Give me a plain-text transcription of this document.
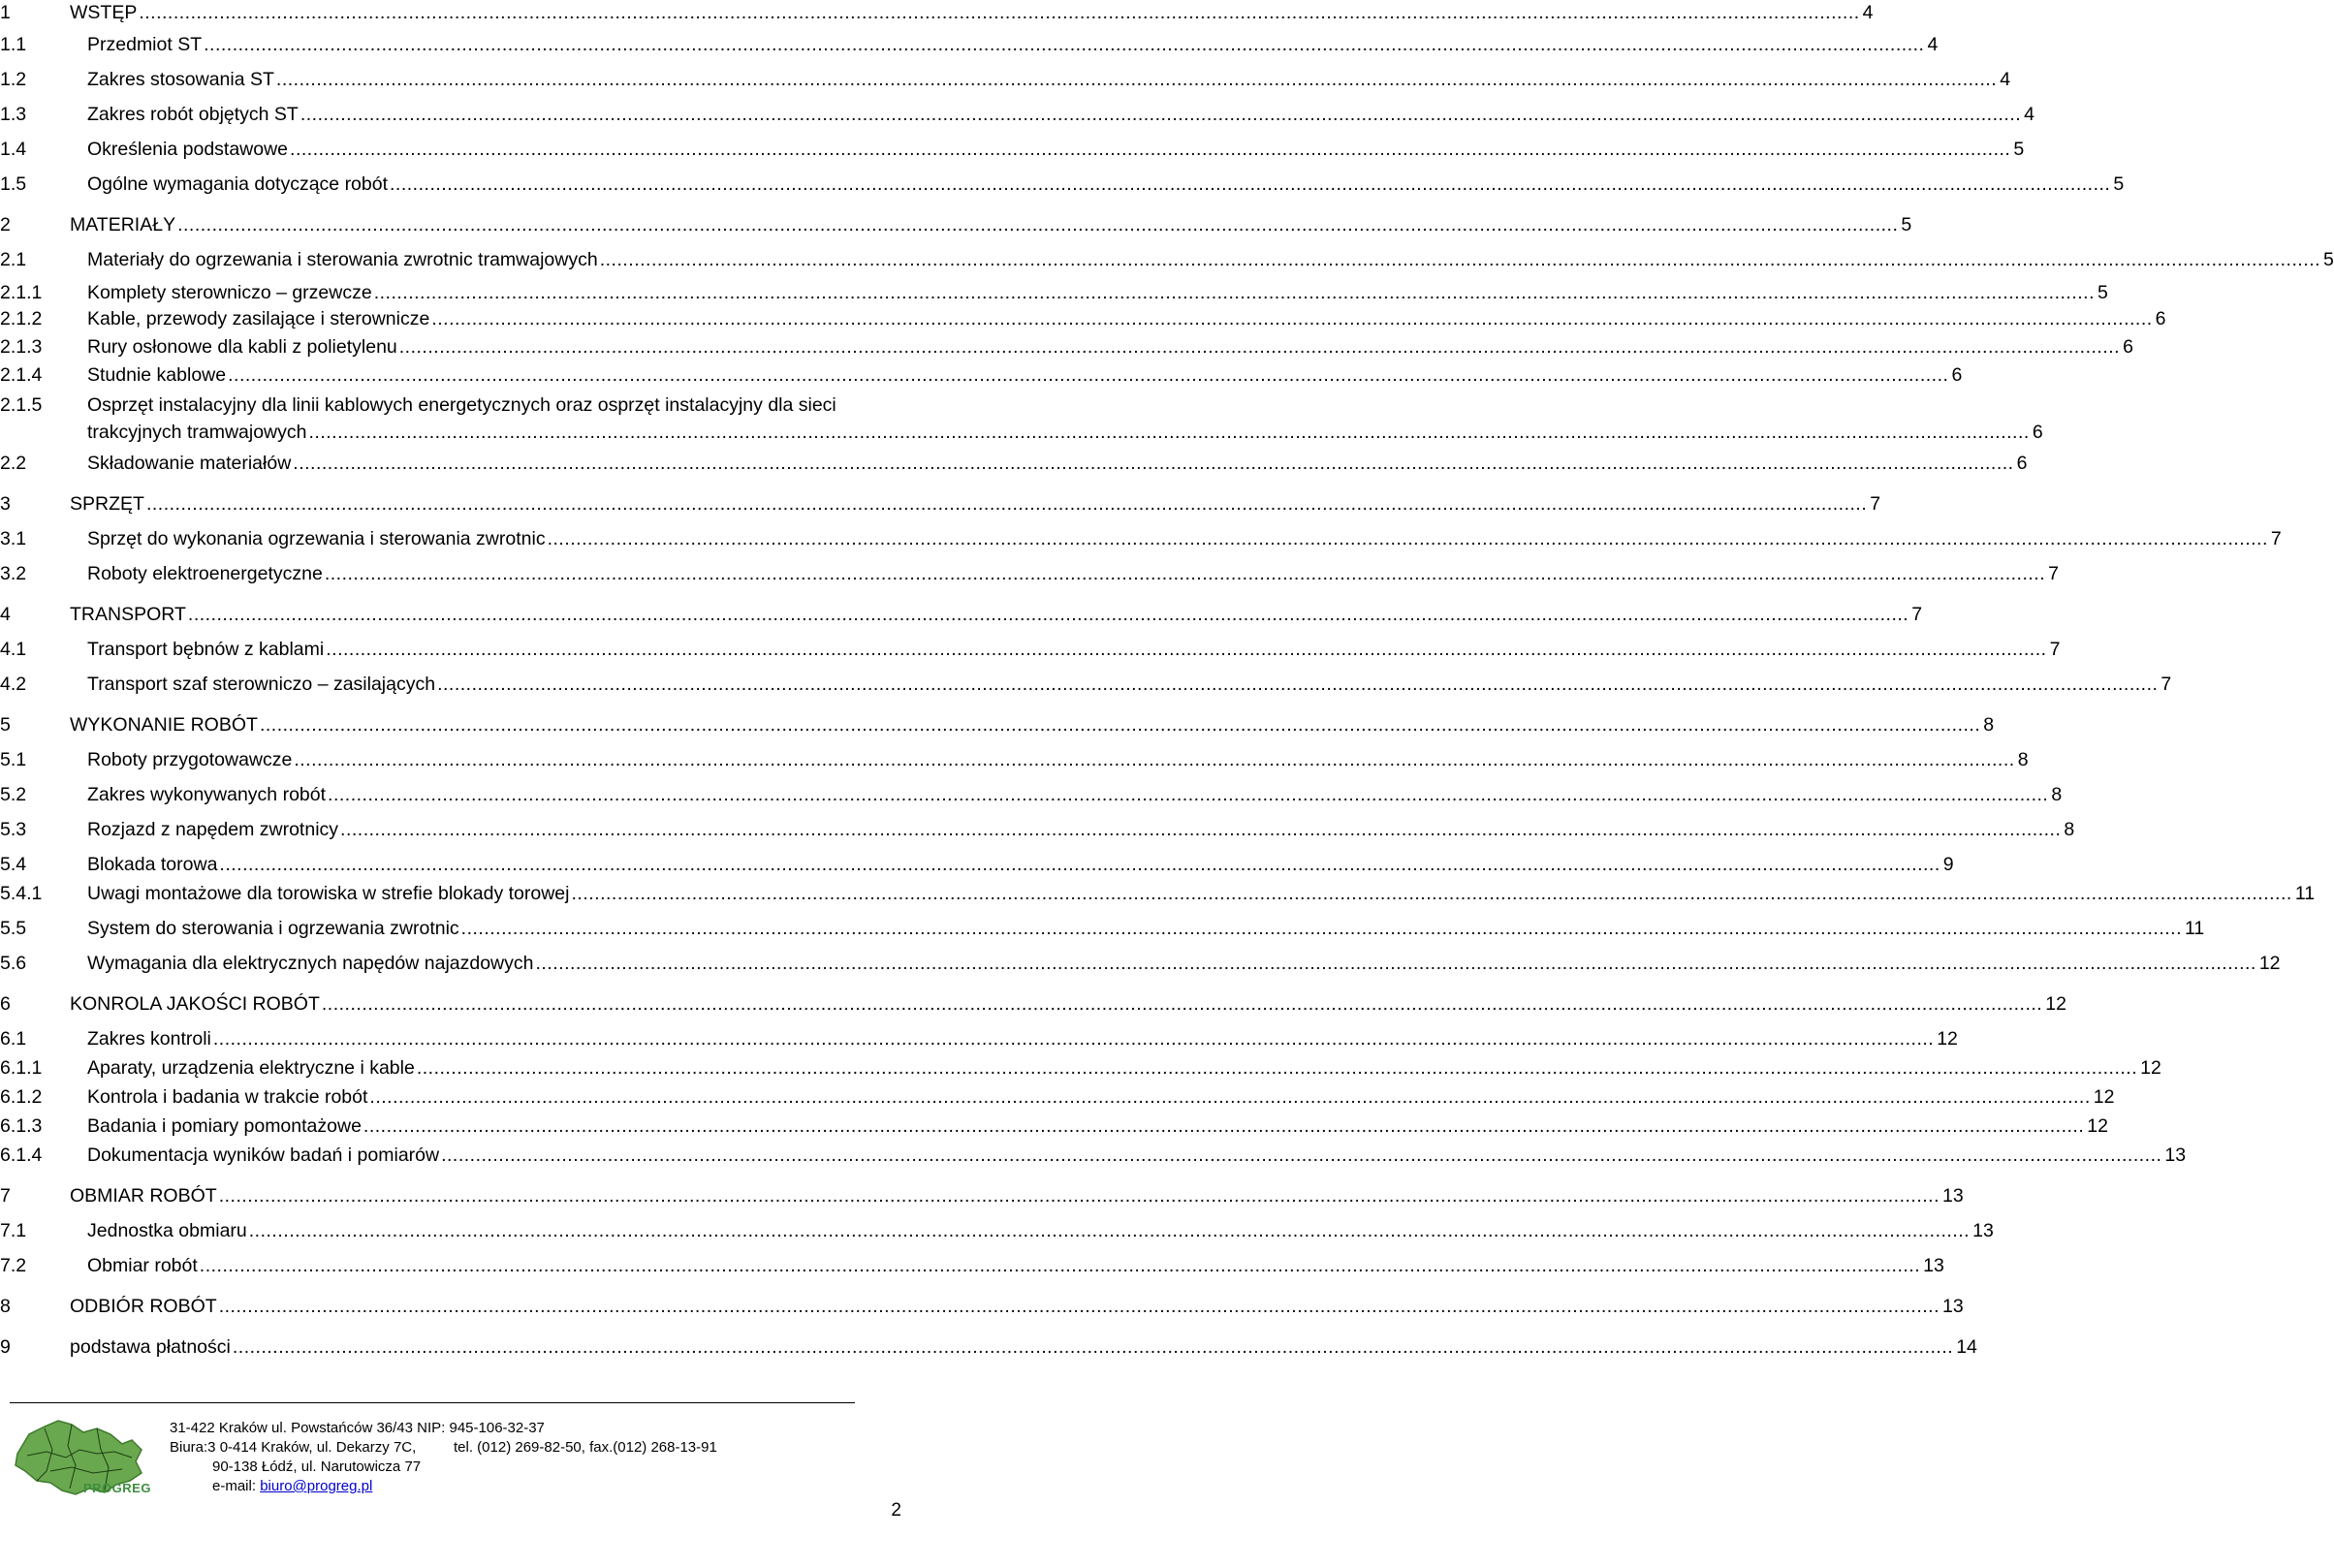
1	WSTĘP ............................................................................................................................................................................................................................................................................................................ 4
1.1	Przedmiot ST ............................................................................................................................................................................................................................................................................................................ 4
1.2	Zakres stosowania ST ............................................................................................................................................................................................................................................................................................................ 4
1.3	Zakres robót objętych ST ............................................................................................................................................................................................................................................................................................................ 4
1.4	Określenia podstawowe ............................................................................................................................................................................................................................................................................................................ 5
1.5	Ogólne wymagania dotyczące robót ............................................................................................................................................................................................................................................................................................................ 5
2	MATERIAŁY ............................................................................................................................................................................................................................................................................................................ 5
2.1	Materiały do ogrzewania i sterowania zwrotnic tramwajowych ............................................................................................................................................................................................................................................................................................................ 5
2.1.1 Komplety sterowniczo – grzewcze ............................................................................................................................................................................................................................................................................................................ 5
2.1.2 Kable, przewody zasilające i sterownicze ............................................................................................................................................................................................................................................................................................................ 6
2.1.3 Rury osłonowe dla kabli z polietylenu ............................................................................................................................................................................................................................................................................................................ 6
2.1.4 Studnie kablowe ............................................................................................................................................................................................................................................................................................................ 6
2.1.5 Osprzęt instalacyjny dla linii kablowych energetycznych oraz osprzęt instalacyjny dla sieci
trakcyjnych tramwajowych ............................................................................................................................................................................................................................................................................................................ 6
2.2	Składowanie materiałów ............................................................................................................................................................................................................................................................................................................ 6
3	SPRZĘT ............................................................................................................................................................................................................................................................................................................ 7
3.1	Sprzęt do wykonania ogrzewania i sterowania zwrotnic ............................................................................................................................................................................................................................................................................................................ 7
3.2	Roboty elektroenergetyczne ............................................................................................................................................................................................................................................................................................................ 7
4	TRANSPORT ............................................................................................................................................................................................................................................................................................................ 7
4.1	Transport bębnów z kablami ............................................................................................................................................................................................................................................................................................................ 7
4.2	Transport szaf sterowniczo – zasilających ............................................................................................................................................................................................................................................................................................................ 7
5	WYKONANIE ROBÓT ............................................................................................................................................................................................................................................................................................................ 8
5.1	Roboty przygotowawcze ............................................................................................................................................................................................................................................................................................................ 8
5.2	Zakres wykonywanych robót ............................................................................................................................................................................................................................................................................................................ 8
5.3	Rozjazd z napędem zwrotnicy ............................................................................................................................................................................................................................................................................................................ 8
5.4	Blokada torowa ............................................................................................................................................................................................................................................................................................................ 9
5.4.1 Uwagi montażowe dla torowiska w strefie blokady torowej ............................................................................................................................................................................................................................................................................................................ 11
5.5	System do sterowania i ogrzewania zwrotnic ............................................................................................................................................................................................................................................................................................................ 11
5.6	Wymagania dla elektrycznych napędów najazdowych ............................................................................................................................................................................................................................................................................................................ 12
6	KONROLA JAKOŚCI ROBÓT ............................................................................................................................................................................................................................................................................................................ 12
6.1	Zakres kontroli ............................................................................................................................................................................................................................................................................................................ 12
6.1.1 Aparaty, urządzenia elektryczne i kable ............................................................................................................................................................................................................................................................................................................ 12
6.1.2 Kontrola i badania w trakcie robót ............................................................................................................................................................................................................................................................................................................ 12
6.1.3 Badania i pomiary pomontażowe ............................................................................................................................................................................................................................................................................................................ 12
6.1.4 Dokumentacja wyników badań i pomiarów ............................................................................................................................................................................................................................................................................................................ 13
7	OBMIAR ROBÓT ............................................................................................................................................................................................................................................................................................................ 13
7.1	Jednostka obmiaru ............................................................................................................................................................................................................................................................................................................ 13
7.2	Obmiar robót ............................................................................................................................................................................................................................................................................................................ 13
8	ODBIÓR ROBÓT ............................................................................................................................................................................................................................................................................................................ 13
9	podstawa płatności ............................................................................................................................................................................................................................................................................................................ 14
PROGREG
31-422 Kraków ul. Powstańców 36/43 NIP: 945-106-32-37
Biura:3 0-414 Kraków, ul. Dekarzy 7C,	tel. (012) 269-82-50, fax.(012) 268-13-91
90-138 Łódź, ul. Narutowicza 77
e-mail: biuro@progreg.pl
2
